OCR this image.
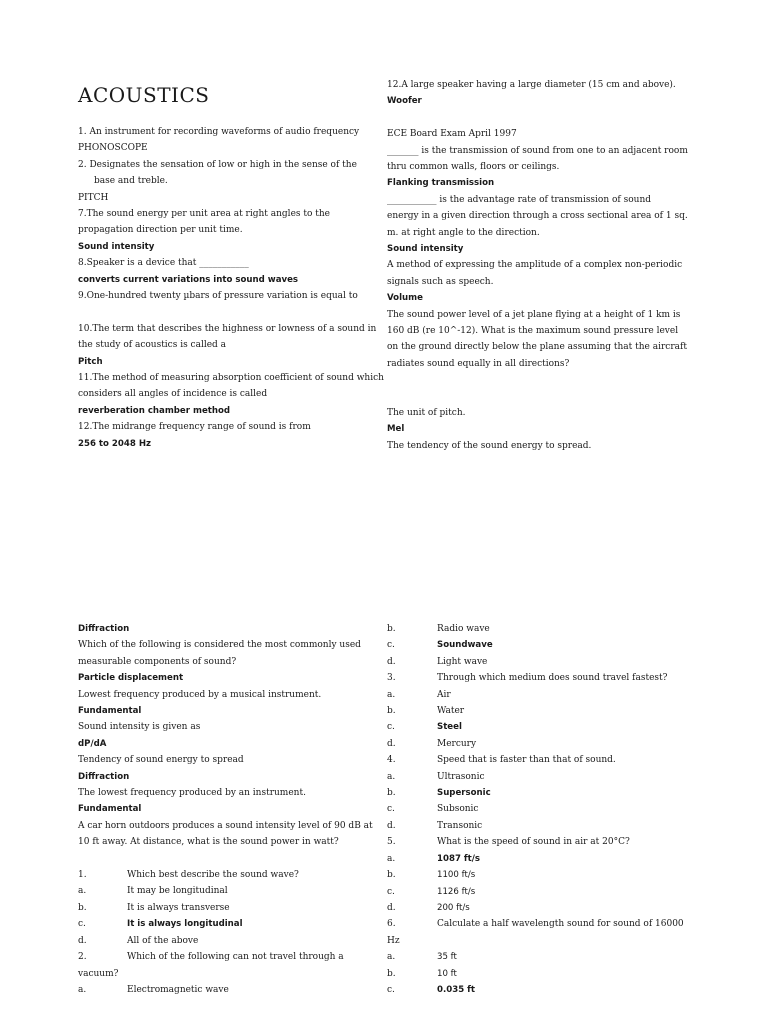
ACOUSTICS
1. An instrument for recording waveforms of audio frequency
PHONOSCOPE
2. Designates the sensation of low or high in the sense of the
base and treble.
PITCH
7.The sound energy per unit area at right angles to the
propagation direction per unit time.
Sound intensity
8.Speaker is a device that ___________
converts current variations into sound waves
9.One-hundred twenty µbars of pressure variation is equal to
10.The term that describes the highness or lowness of a sound in
the study of acoustics is called a
Pitch
11.The method of measuring absorption coefficient of sound which
considers all angles of incidence is called
reverberation chamber method
12.The midrange frequency range of sound is from
256 to 2048 Hz
12.A large speaker having a large diameter (15 cm and above).
Woofer
ECE Board Exam April 1997
_______ is the transmission of sound from one to an adjacent room
thru common walls, floors or ceilings.
Flanking transmission
___________ is the advantage rate of transmission of sound
energy in a given direction through a cross sectional area of 1 sq.
m. at right angle to the direction.
Sound intensity
A method of expressing the amplitude of a complex non-periodic
signals such as speech.
Volume
The sound power level of a jet plane flying at a height of 1 km is
160 dB (re 10^-12). What is the maximum sound pressure level
on the ground directly below the plane assuming that the aircraft
radiates sound equally in all directions?
The unit of pitch.
Mel
The tendency of the sound energy to spread.
Diffraction
Which of the following is considered the most commonly used
measurable components of sound?
Particle displacement
Lowest frequency produced by a musical instrument.
Fundamental
Sound intensity is given as
dP/dA
Tendency of sound energy to spread
Diffraction
The lowest frequency produced by an instrument.
Fundamental
A car horn outdoors produces a sound intensity level of 90 dB at
10 ft away. At distance, what is the sound power in watt?
1.	Which best describe the sound wave?
a.	It may be longitudinal
b.	It is always transverse
c.	It is always longitudinal
d.	All of the above
2.	Which of the following can not travel through a
vacuum?
a.	Electromagnetic wave
b.	Radio wave
c.	Soundwave
d.	Light wave
3.	Through which medium does sound travel fastest?
a.	Air
b.	Water
c.	Steel
d.	Mercury
4.	Speed that is faster than that of sound.
a.	Ultrasonic
b.	Supersonic
c.	Subsonic
d.	Transonic
5.	What is the speed of sound in air at 20°C?
a.	1087 ft/s
b.	1100 ft/s
c.	1126 ft/s
d.	200 ft/s
6.	Calculate a half wavelength sound for sound of 16000
Hz
a.	35 ft
b.	10 ft
c.	0.035 ft
